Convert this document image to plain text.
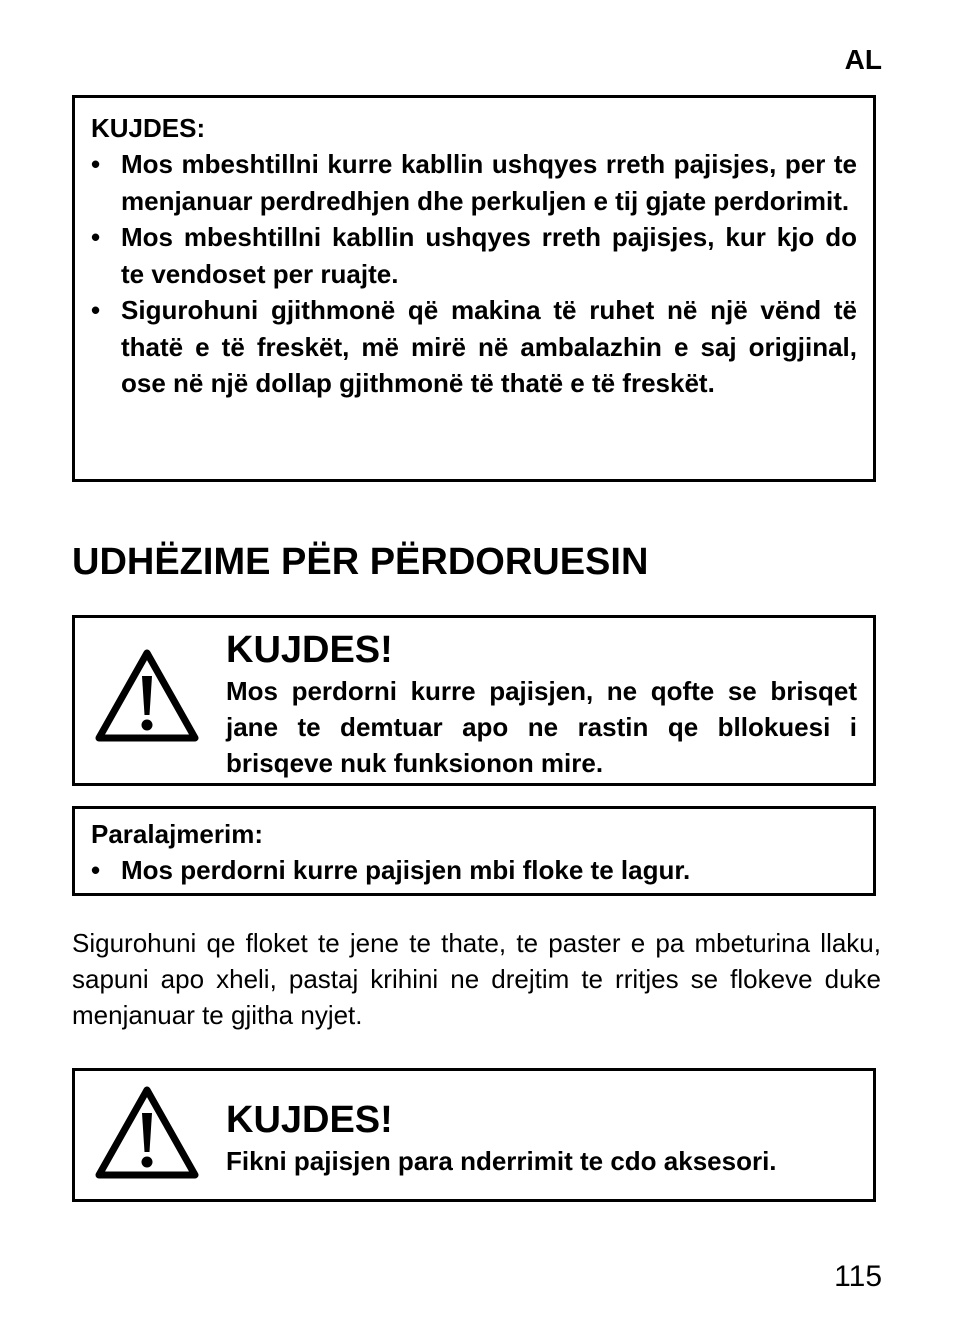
AL
KUJDES:
• Mos mbeshtillni kurre kabllin ushqyes rreth pajisjes, per te menjanuar perdredhjen dhe perkuljen e tij gjate perdorimit.
• Mos mbeshtillni kabllin ushqyes rreth pajisjes, kur kjo do te vendoset per ruajte.
• Sigurohuni gjithmonë që makina të ruhet në një vënd të thatë e të freskët, më mirë në ambalazhin e saj origjinal, ose në një dollap gjithmonë të thatë e të freskët.
UDHËZIME PËR PËRDORUESIN
KUJDES!
Mos perdorni kurre pajisjen, ne qofte se brisqet jane te demtuar apo ne rastin qe bllokuesi i brisqeve nuk funksionon mire.
Paralajmerim:
• Mos perdorni kurre pajisjen mbi floke te lagur.
Sigurohuni qe floket te jene te thate, te paster e pa mbeturina llaku, sapuni apo xheli, pastaj krihini ne drejtim te rritjes se flokeve duke menjanuar te gjitha nyjet.
KUJDES!
Fikni pajisjen para nderrimit te cdo aksesori.
115
